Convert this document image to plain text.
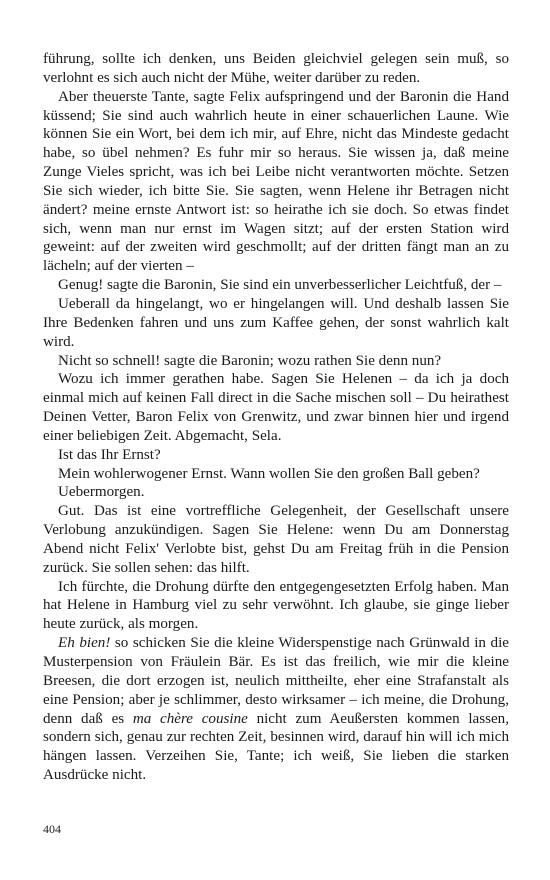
führung, sollte ich denken, uns Beiden gleichviel gelegen sein muß, so verlohnt es sich auch nicht der Mühe, weiter darüber zu reden.

Aber theuerste Tante, sagte Felix aufspringend und der Baronin die Hand küssend; Sie sind auch wahrlich heute in einer schauerlichen Laune. Wie können Sie ein Wort, bei dem ich mir, auf Ehre, nicht das Mindeste gedacht habe, so übel nehmen? Es fuhr mir so heraus. Sie wissen ja, daß meine Zunge Vieles spricht, was ich bei Leibe nicht verantworten möchte. Setzen Sie sich wieder, ich bitte Sie. Sie sagten, wenn Helene ihr Betragen nicht ändert? meine ernste Antwort ist: so heirathe ich sie doch. So etwas findet sich, wenn man nur ernst im Wagen sitzt; auf der ersten Station wird geweint: auf der zweiten wird geschmollt; auf der dritten fängt man an zu lächeln; auf der vierten –

Genug! sagte die Baronin, Sie sind ein unverbesserlicher Leichtfuß, der –

Ueberall da hingelangt, wo er hingelangen will. Und deshalb lassen Sie Ihre Bedenken fahren und uns zum Kaffee gehen, der sonst wahrlich kalt wird.

Nicht so schnell! sagte die Baronin; wozu rathen Sie denn nun?

Wozu ich immer gerathen habe. Sagen Sie Helenen – da ich ja doch einmal mich auf keinen Fall direct in die Sache mischen soll – Du heirathest Deinen Vetter, Baron Felix von Grenwitz, und zwar binnen hier und irgend einer beliebigen Zeit. Abgemacht, Sela.

Ist das Ihr Ernst?

Mein wohlerwogener Ernst. Wann wollen Sie den großen Ball geben?

Uebermorgen.

Gut. Das ist eine vortreffliche Gelegenheit, der Gesellschaft unsere Verlobung anzukündigen. Sagen Sie Helene: wenn Du am Donnerstag Abend nicht Felix' Verlobte bist, gehst Du am Freitag früh in die Pension zurück. Sie sollen sehen: das hilft.

Ich fürchte, die Drohung dürfte den entgegengesetzten Erfolg haben. Man hat Helene in Hamburg viel zu sehr verwöhnt. Ich glaube, sie ginge lieber heute zurück, als morgen.

Eh bien! so schicken Sie die kleine Widerspenstige nach Grünwald in die Musterpension von Fräulein Bär. Es ist das freilich, wie mir die kleine Breesen, die dort erzogen ist, neulich mittheilte, eher eine Strafanstalt als eine Pension; aber je schlimmer, desto wirksamer – ich meine, die Drohung, denn daß es ma chère cousine nicht zum Aeußersten kommen lassen, sondern sich, genau zur rechten Zeit, besinnen wird, darauf hin will ich mich hängen lassen. Verzeihen Sie, Tante; ich weiß, Sie lieben die starken Ausdrücke nicht.

404
